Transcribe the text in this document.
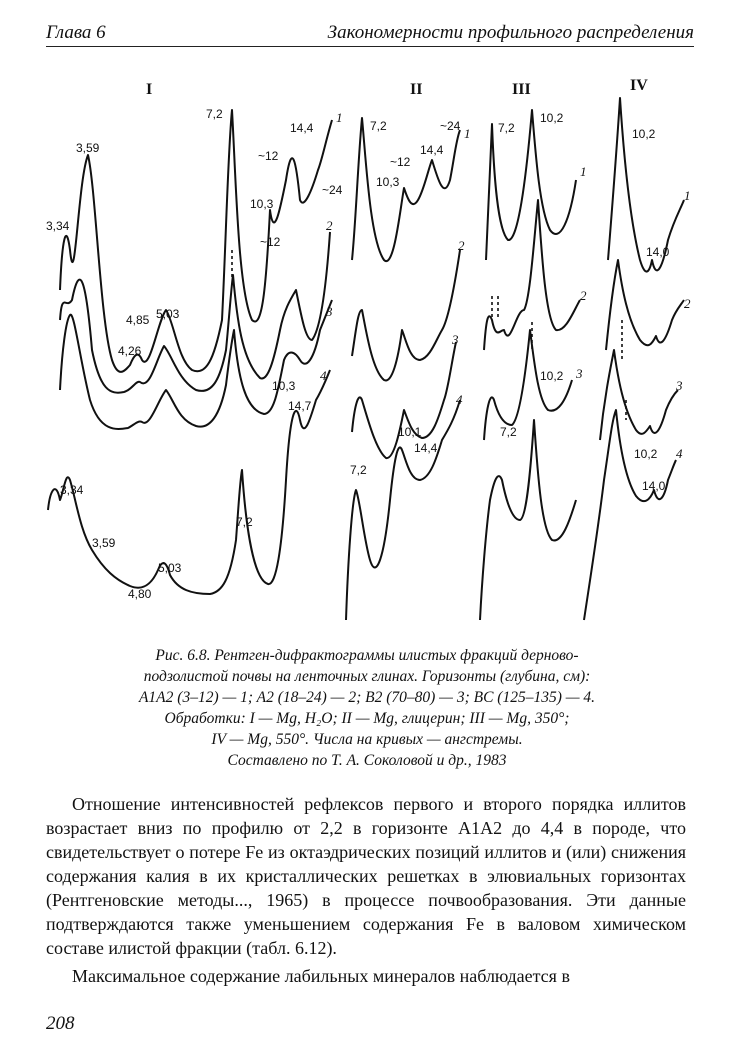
Глава 6	Закономерности профильного распределения
I	II	III	IV
3,59
3,34
7,2
14,4
~12
~24
10,3
~12
4,85 5,03
4,26
10,3
14,7
3,34
3,59
5,03
4,80
7,2
1
2
3
4
7,2	~24
~12
14,4
10,3
10,1
14,4
7,2
1
2
3
4
7,2
10,2
10,2
7,2
1
2
3
10,2
14,0
10,2
14,0
1
2
3
4
Рис. 6.8. Рентген-дифрактограммы илистых фракций дерново-
подзолистой почвы на ленточных глинах. Горизонты (глубина, см):
A1A2 (3–12) — 1; A2 (18–24) — 2; B2 (70–80) — 3; BC (125–135) — 4.
Обработки: I — Mg, H₂O; II — Mg, глицерин; III — Mg, 350°;
IV — Mg, 550°. Числа на кривых — ангстремы.
Составлено по Т. А. Соколовой и др., 1983

Отношение интенсивностей рефлексов первого и второго порядка иллитов возрастает вниз по профилю от 2,2 в горизонте A1A2 до 4,4 в породе, что свидетельствует о потере Fe из октаэдрических позиций иллитов и (или) снижения содержания калия в их кристаллических решетках в элювиальных горизонтах (Рентгеновские методы..., 1965) в процессе почвообразования. Эти данные подтверждаются также уменьшением содержания Fe в валовом химическом составе илистой фракции (табл. 6.12).

Максимальное содержание лабильных минералов наблюдается в

208
